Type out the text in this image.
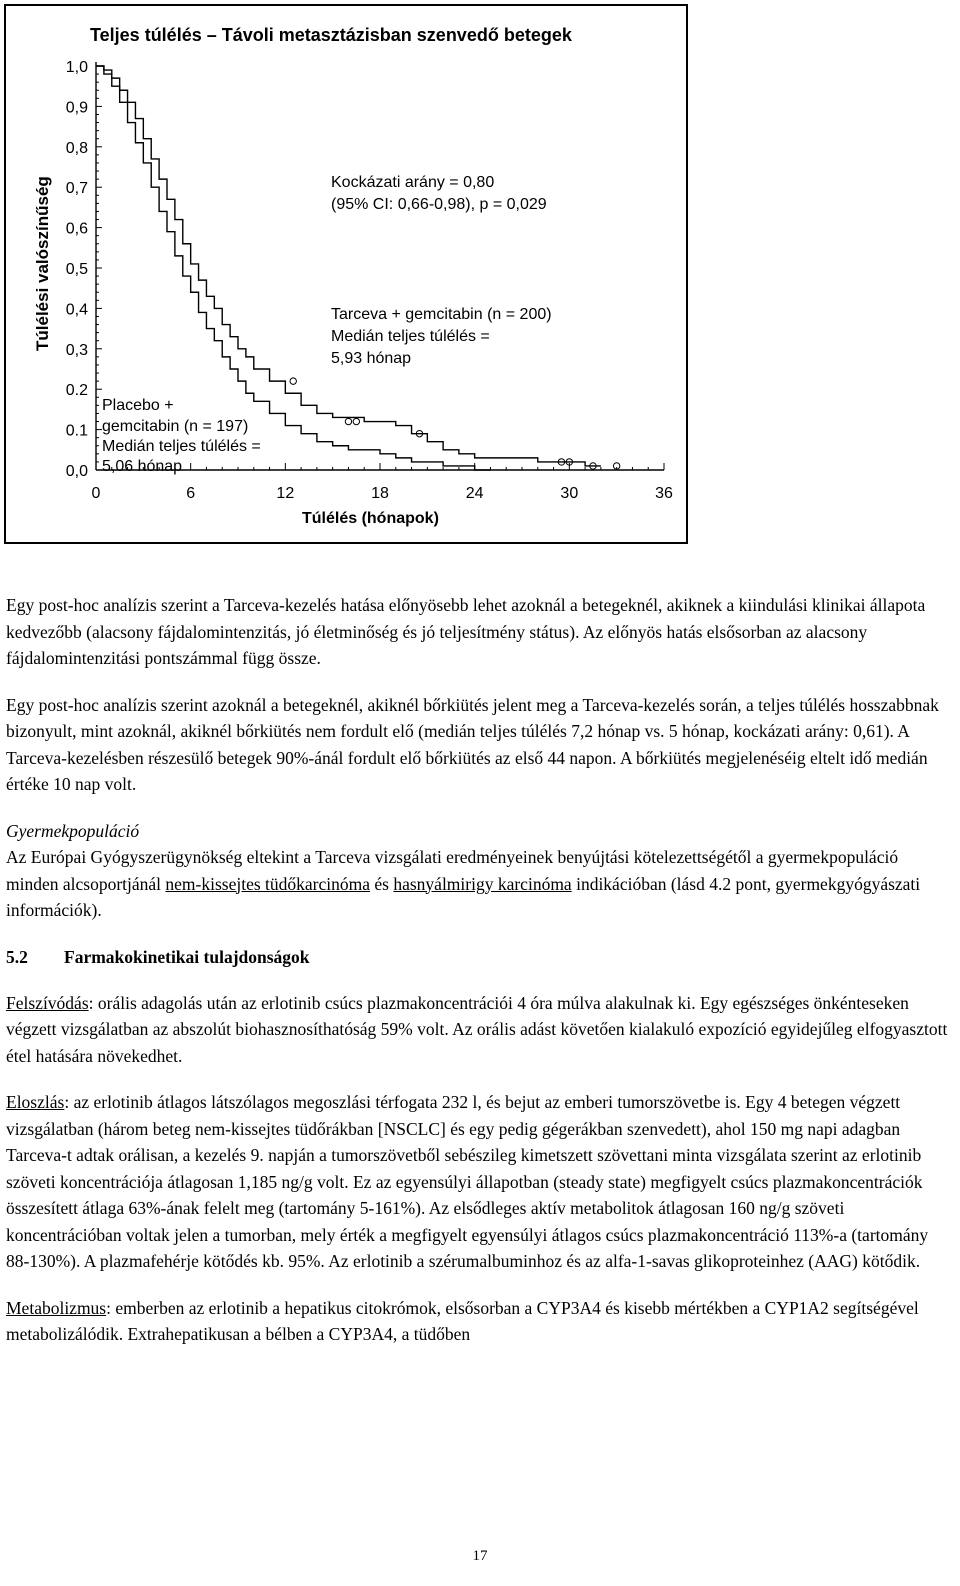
Teljes túlélés – Távoli metasztázisban szenvedő betegek
Túlélési valószínűség
Túlélés (hónapok)
Kockázati arány = 0,80
(95% CI: 0,66-0,98), p = 0,029
Tarceva + gemcitabin (n = 200)
Medián teljes túlélés =
5,93 hónap
Placebo +
gemcitabin (n = 197)
Medián teljes túlélés =
5,06 hónap
0,0
0.1
0.2
0,3
0,4
0,5
0,6
0,7
0,8
0,9
1,0
0	6	12	18	24	30	36

Egy post-hoc analízis szerint a Tarceva-kezelés hatása előnyösebb lehet azoknál a betegeknél, akiknek a kiindulási klinikai állapota kedvezőbb (alacsony fájdalomintenzitás, jó életminőség és jó teljesítmény státus). Az előnyös hatás elsősorban az alacsony fájdalomintenzitási pontszámmal függ össze.

Egy post-hoc analízis szerint azoknál a betegeknél, akiknél bőrkiütés jelent meg a Tarceva-kezelés során, a teljes túlélés hosszabbnak bizonyult, mint azoknál, akiknél bőrkiütés nem fordult elő (medián teljes túlélés 7,2 hónap vs. 5 hónap, kockázati arány: 0,61). A Tarceva-kezelésben részesülő betegek 90%-ánál fordult elő bőrkiütés az első 44 napon. A bőrkiütés megjelenéséig eltelt idő medián értéke 10 nap volt.

Gyermekpopuláció
Az Európai Gyógyszerügynökség eltekint a Tarceva vizsgálati eredményeinek benyújtási kötelezettségétől a gyermekpopuláció minden alcsoportjánál nem-kissejtes tüdőkarcinóma és hasnyálmirigy karcinóma indikációban (lásd 4.2 pont, gyermekgyógyászati információk).

5.2 Farmakokinetikai tulajdonságok

Felszívódás: orális adagolás után az erlotinib csúcs plazmakoncentrációi 4 óra múlva alakulnak ki. Egy egészséges önkénteseken végzett vizsgálatban az abszolút biohasznosíthatóság 59% volt. Az orális adást követően kialakuló expozíció egyidejűleg elfogyasztott étel hatására növekedhet.

Eloszlás: az erlotinib átlagos látszólagos megoszlási térfogata 232 l, és bejut az emberi tumorszövetbe is. Egy 4 betegen végzett vizsgálatban (három beteg nem-kissejtes tüdőrákban [NSCLC] és egy pedig gégerákban szenvedett), ahol 150 mg napi adagban Tarceva-t adtak orálisan, a kezelés 9. napján a tumorszövetből sebészileg kimetszett szövettani minta vizsgálata szerint az erlotinib szöveti koncentrációja átlagosan 1,185 ng/g volt. Ez az egyensúlyi állapotban (steady state) megfigyelt csúcs plazmakoncentrációk összesített átlaga 63%-ának felelt meg (tartomány 5-161%). Az elsődleges aktív metabolitok átlagosan 160 ng/g szöveti koncentrációban voltak jelen a tumorban, mely érték a megfigyelt egyensúlyi átlagos csúcs plazmakoncentráció 113%-a (tartomány 88-130%). A plazmafehérje kötődés kb. 95%. Az erlotinib a szérumalbuminhoz és az alfa-1-savas glikoproteinhez (AAG) kötődik.

Metabolizmus: emberben az erlotinib a hepatikus citokrómok, elsősorban a CYP3A4 és kisebb mértékben a CYP1A2 segítségével metabolizálódik. Extrahepatikusan a bélben a CYP3A4, a tüdőben

17
